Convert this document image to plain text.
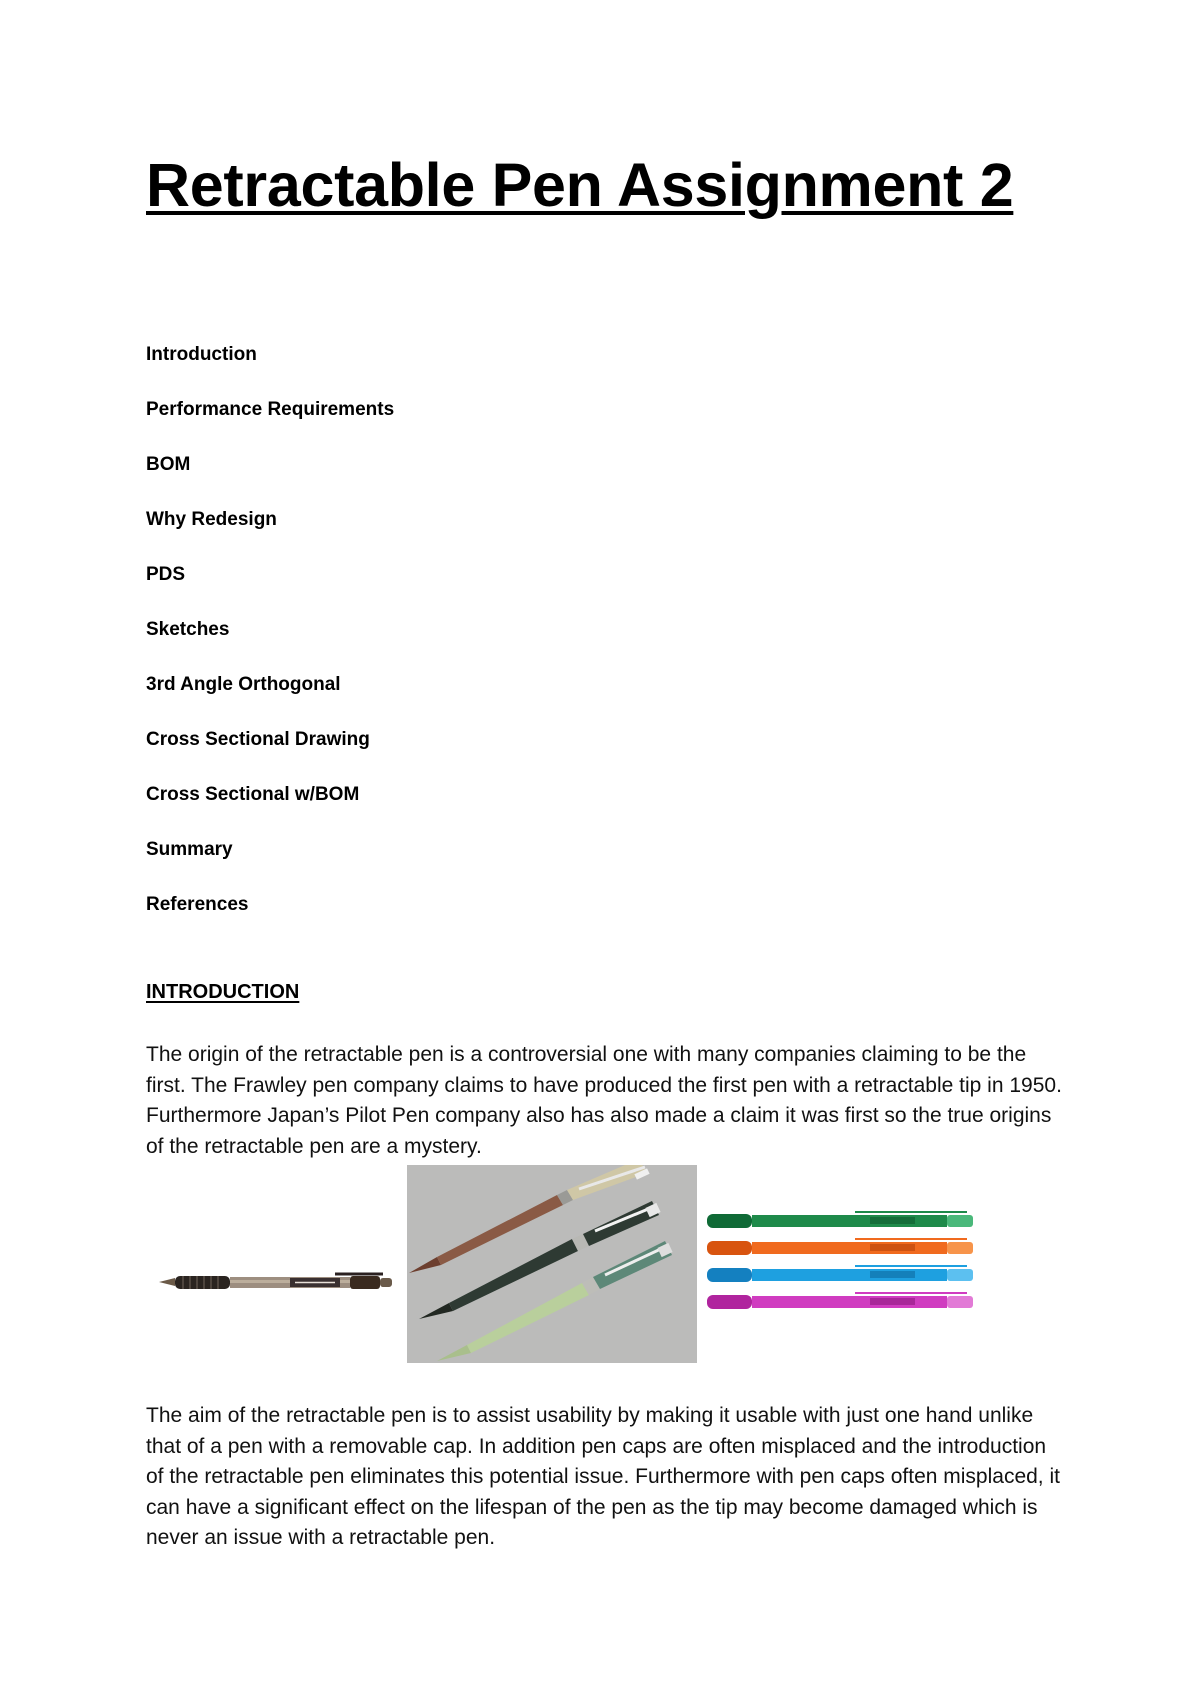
Retractable Pen Assignment 2
Introduction
Performance Requirements
BOM
Why Redesign
PDS
Sketches
3rd Angle Orthogonal
Cross Sectional Drawing
Cross Sectional w/BOM
Summary
References
INTRODUCTION

The origin of the retractable pen is a controversial one with many companies claiming to be the first. The Frawley pen company claims to have produced the first pen with a retractable tip in 1950. Furthermore Japan’s Pilot Pen company also has also made a claim it was first so the true origins of the retractable pen are a mystery.

The aim of the retractable pen is to assist usability by making it usable with just one hand unlike that of a pen with a removable cap. In addition pen caps are often misplaced and the introduction of the retractable pen eliminates this potential issue. Furthermore with pen caps often misplaced, it can have a significant effect on the lifespan of the pen as the tip may become damaged which is never an issue with a retractable pen.
